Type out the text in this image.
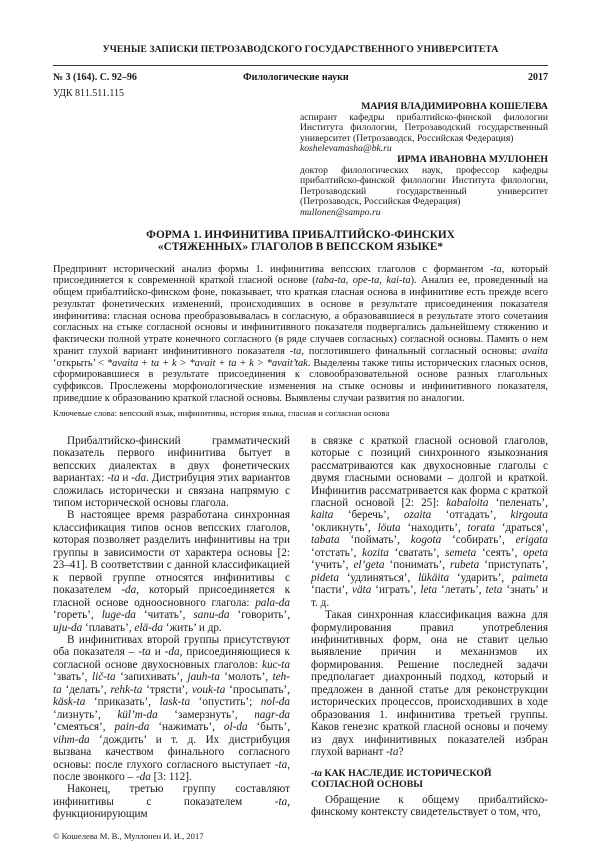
УЧЕНЫЕ ЗАПИСКИ ПЕТРОЗАВОДСКОГО ГОСУДАРСТВЕННОГО УНИВЕРСИТЕТА
№ 3 (164). С. 92–96	Филологические науки	2017
УДК 811.511.115
МАРИЯ ВЛАДИМИРОВНА КОШЕЛЕВА
аспирант кафедры прибалтийско-финской филологии Института филологии, Петрозаводский государственный университет (Петрозаводск, Российская Федерация)
koshelevamasha@bk.ru
ИРМА ИВАНОВНА МУЛЛОНЕН
доктор филологических наук, профессор кафедры прибалтийско-финской филологии Института филологии, Петрозаводский государственный университет (Петрозаводск, Российская Федерация)
mullonen@sampo.ru
ФОРМА 1. ИНФИНИТИВА ПРИБАЛТИЙСКО-ФИНСКИХ
«СТЯЖЕННЫХ» ГЛАГОЛОВ В ВЕПССКОМ ЯЗЫКЕ*
Предпринят исторический анализ формы 1. инфинитива вепсских глаголов с формантом -ta, который присоединяется к современной краткой гласной основе (taba-ta, ope-ta, kai-ta). Анализ ее, проведенный на общем прибалтийско-финском фоне, показывает, что краткая гласная основа в инфинитиве есть прежде всего результат фонетических изменений, происходивших в основе в результате присоединения показателя инфинитива: гласная основа преобразовывалась в согласную, а образовавшиеся в результате этого сочетания согласных на стыке согласной основы и инфинитивного показателя подвергались дальнейшему стяжению и фактически полной утрате конечного согласного (в ряде случаев согласных) согласной основы. Память о нем хранит глухой вариант инфинитивного показателя -ta, поглотившего финальный согласный основы: avaita ‘открыть’ < *avaita + ta + k > *avait + ta + k > *avait’tak. Выделены также типы исторических гласных основ, сформировавшиеся в результате присоединения к словообразовательной основе разных глагольных суффиксов. Прослежены морфонологические изменения на стыке основы и инфинитивного показателя, приведшие к образованию краткой гласной основы. Выявлены случаи развития по аналогии.
Ключевые слова: вепсский язык, инфинитивы, история языка, гласная и согласная основа

Прибалтийско-финский грамматический показатель первого инфинитива бытует в вепсских диалектах в двух фонетических вариантах: -ta и -da. Дистрибуция этих вариантов сложилась исторически и связана напрямую с типом исторической основы глагола.

В настоящее время разработана синхронная классификация типов основ вепсских глаголов, которая позволяет разделить инфинитивы на три группы в зависимости от характера основы [2: 23–41]. В соответствии с данной классификацией к первой группе относятся инфинитивы с показателем -da, который присоединяется к гласной основе одноосновного глагола: pala-da ‘гореть’, luge-da ‘читать’, sanu-da ‘говорить’, uju-da ‘плавать’, elä-da ‘жить’ и др.

В инфинитивах второй группы присутствуют оба показателя – -ta и -da, присоединяющиеся к согласной основе двухосновных глаголов: kuc-ta ‘звать’, lič-ta ‘запихивать’, jauh-ta ‘молоть’, teh-ta ‘делать’, rehk-ta ‘трясти’, vouk-ta ‘просыпать’, käsk-ta ‘приказать’, lask-ta ‘опустить’; nol-da ‘лизнуть’, kül’m-da ‘замерзнуть’, nagr-da ‘смеяться’, pain-da ‘нажимать’, ol-da ‘быть’, vihm-da ‘дождить’ и т. д. Их дистрибуция вызвана качеством финального согласного основы: после глухого согласного выступает -ta, после звонкого – -da [3: 112].

Наконец, третью группу составляют инфинитивы с показателем -ta, функционирующим

в связке с краткой гласной основой глаголов, которые с позиций синхронного языкознания рассматриваются как двухосновные глаголы с двумя гласными основами – долгой и краткой. Инфинитив рассматривается как форма с краткой гласной основой [2: 25]: kabaloita ‘пеленать’, kaita ‘беречь’, ozaita ‘отгадать’, kirgouta ‘окликнуть’, löuta ‘находить’, torata ‘драться’, tabata ‘поймать’, kogota ‘собирать’, erigata ‘отстать’, kozita ‘сватать’, semeta ‘сеять’, opeta ‘учить’, el’geta ‘понимать’, rubeta ‘приступать’, pideta ‘удлиняться’, lükäita ‘ударить’, paimeta ‘пасти’, väta ‘играть’, leta ‘летать’, teta ‘знать’ и т. д.

Такая синхронная классификация важна для формулирования правил употребления инфинитивных форм, она не ставит целью выявление причин и механизмов их формирования. Решение последней задачи предполагает диахронный подход, который и предложен в данной статье для реконструкции исторических процессов, происходивших в ходе образования 1. инфинитива третьей группы. Каков генезис краткой гласной основы и почему из двух инфинитивных показателей избран глухой вариант -ta?

-ta КАК НАСЛЕДИЕ ИСТОРИЧЕСКОЙ
СОГЛАСНОЙ ОСНОВЫ

Обращение к общему прибалтийско-финскому контексту свидетельствует о том, что,

© Кошелева М. В., Муллонен И. И., 2017
